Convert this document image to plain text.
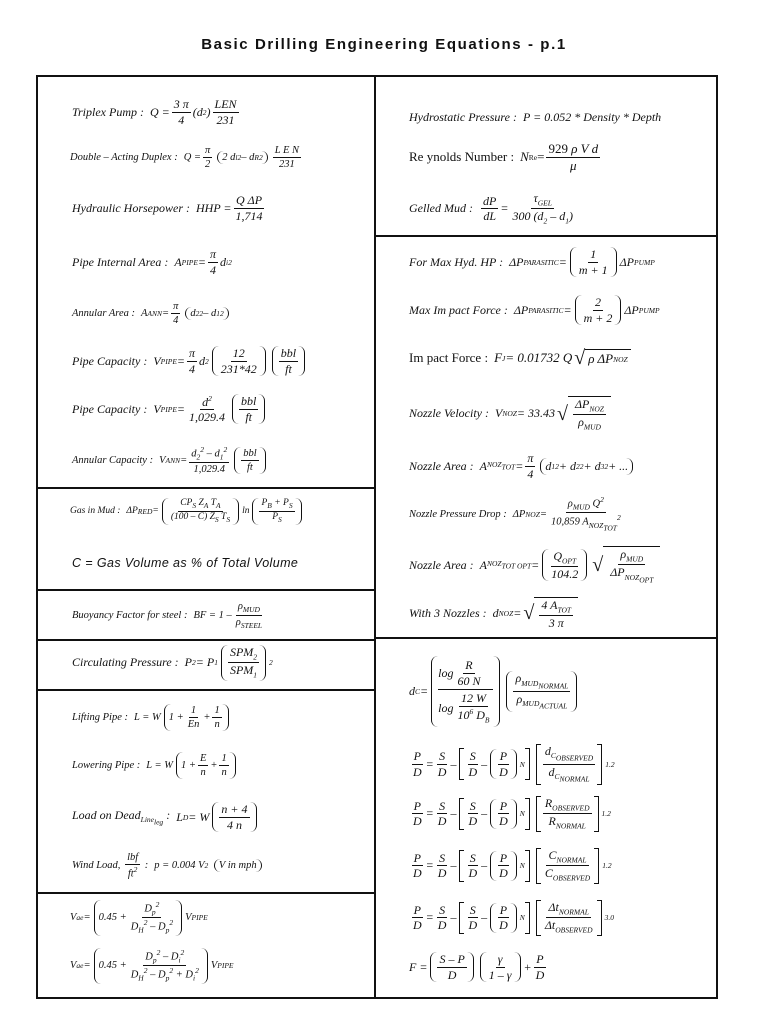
Basic Drilling Engineering Equations - p.1
Triplex Pump : $Q = \frac{3 \pi}{4} (d$ 2 ) $\frac{\text{LEN}}{231}$
Double – Acting Duplex : $Q = \frac{\pi}{2} 2$ d l 2 – d R $2 \frac{\text{L E N}}{231}$
Hydraulic Horsepower : HHP = $\frac{\text{Q ΔP}}{1,714}$
Pipe Internal Area : A PIPE = $\frac{\pi}{4}$ d i 2
Annular Area : A ANN = $\frac{\pi}{4}$ d 2 2 – d 1 2
Pipe Capacity : V PIPE = $\frac{\pi}{4}$ d $2 \frac{12}{231*42} \frac{\text{bbl}}{ft}$
Pipe Capacity : V PIPE = $\frac{d^2}{1,029.4} \frac{\text{bbl}}{ft}$
Annular Capacity : V ANN = $\frac{d_2^2 - d_1^2}{1,029.4} \frac{\text{bbl}}{ft}$
Gas in Mud : ΔP RED = $\frac{CP_S Z_A T_A}{(100 - C) Z_S T_S}$ $\ln \frac{P_B + P_S}{P_S}$
C = Gas Volume as % of Total Volume
Buoyancy Factor for steel : BF = $1 - \frac{\rho_{MUD}}{\rho_{STEEL}}$
Circulating Pressure : P 2 = P $1 \frac{SPM_2}{SPM_1} 2$
Lifting Pipe : L = W $1 + \frac{1}{En} + \frac{1}{n}$
Lowering Pipe : L = W $1 + \frac{E}{n} + \frac{1}{n}$
Load on Dead$_{Line_{leg}}$ : L D = W $\frac{n + 4}{4 n}$
Wind Load, $\frac{\text{lbf}}{ft^2}$ : p = 0.004 V 2
	V in mph
V ae = $0.45 + \frac{D_p^2}{D_H^2 - D_p^2}$ V PIPE
V ae = $0.45 + \frac{D_p^2 - D_i^2}{D_H^2 - D_p^2 + D_i^2}$ V PIPE
Hydrostatic Pressure : P = 0.052 * Density * Depth
Re ynolds Number : N $Re = \frac{\text{929 ρ V d}}{\mu}$
Gelled Mud : $\frac{dP}{dL} = \frac{\tau_{GEL}}{300 (d_2 - d_1)}$
For Max Hyd. HP : ΔP PARASITIC = $\frac{1}{m + 1}$ ΔP PUMP
Max Im pact Force : ΔP PARASITIC = $\frac{2}{m + 2}$ ΔP PUMP
Im pact Force : F J = 0.01732 Q √ ρ ΔP NOZ
Nozzle Velocity : V NOZ = 33.43 √ $\frac{\Delta P_{NOZ}}{\rho_{MUD}}$
Nozzle Area : A $NOZ_{TOT} = \frac{\pi}{4}$ d 1 2 + d 2 2 + d 3 2 + ...
Nozzle Pressure Drop : ΔP NOZ = $\frac{\rho_{MUD} Q^2}{10,859 A_{NOZ_{TOT}}^2}$
Nozzle Area : A $NOZ_{TOT OPT} = \frac{Q_{OPT}}{104.2}$ √ $\frac{\rho_{MUD}}{\Delta P_{NOZ_{OPT}}}$
With 3 Nozzles : d NOZ = √ $\frac{4 A_{TOT}}{3 \pi}$
d C =
$\log \frac{R}{60 N}$
$\log \frac{12 W}{10^6 D_B} \frac{\rho_{MUD_{NORMAL}}}{\rho_{MUD_{ACTUAL}}}$
$\frac{P}{D} = \frac{S}{D} - \frac{S}{D} - \frac{P}{D}$ N $\frac{d_{C_{OBSERVED}}}{d_{C_{NORMAL}}} 1.2$
$\frac{P}{D} = \frac{S}{D} - \frac{S}{D} - \frac{P}{D}$ N $\frac{R_{OBSERVED}}{R_{NORMAL}} 1.2$
$\frac{P}{D} = \frac{S}{D} - \frac{S}{D} - \frac{P}{D}$ N $\frac{C_{NORMAL}}{C_{OBSERVED}} 1.2$
$\frac{P}{D} = \frac{S}{D} - \frac{S}{D} - \frac{P}{D}$ N $\frac{\Delta t_{NORMAL}}{\Delta t_{OBSERVED}} 3.0$
$F = \frac{S - P}{D} \frac{\gamma}{1 - \gamma} + \frac{P}{D}$
